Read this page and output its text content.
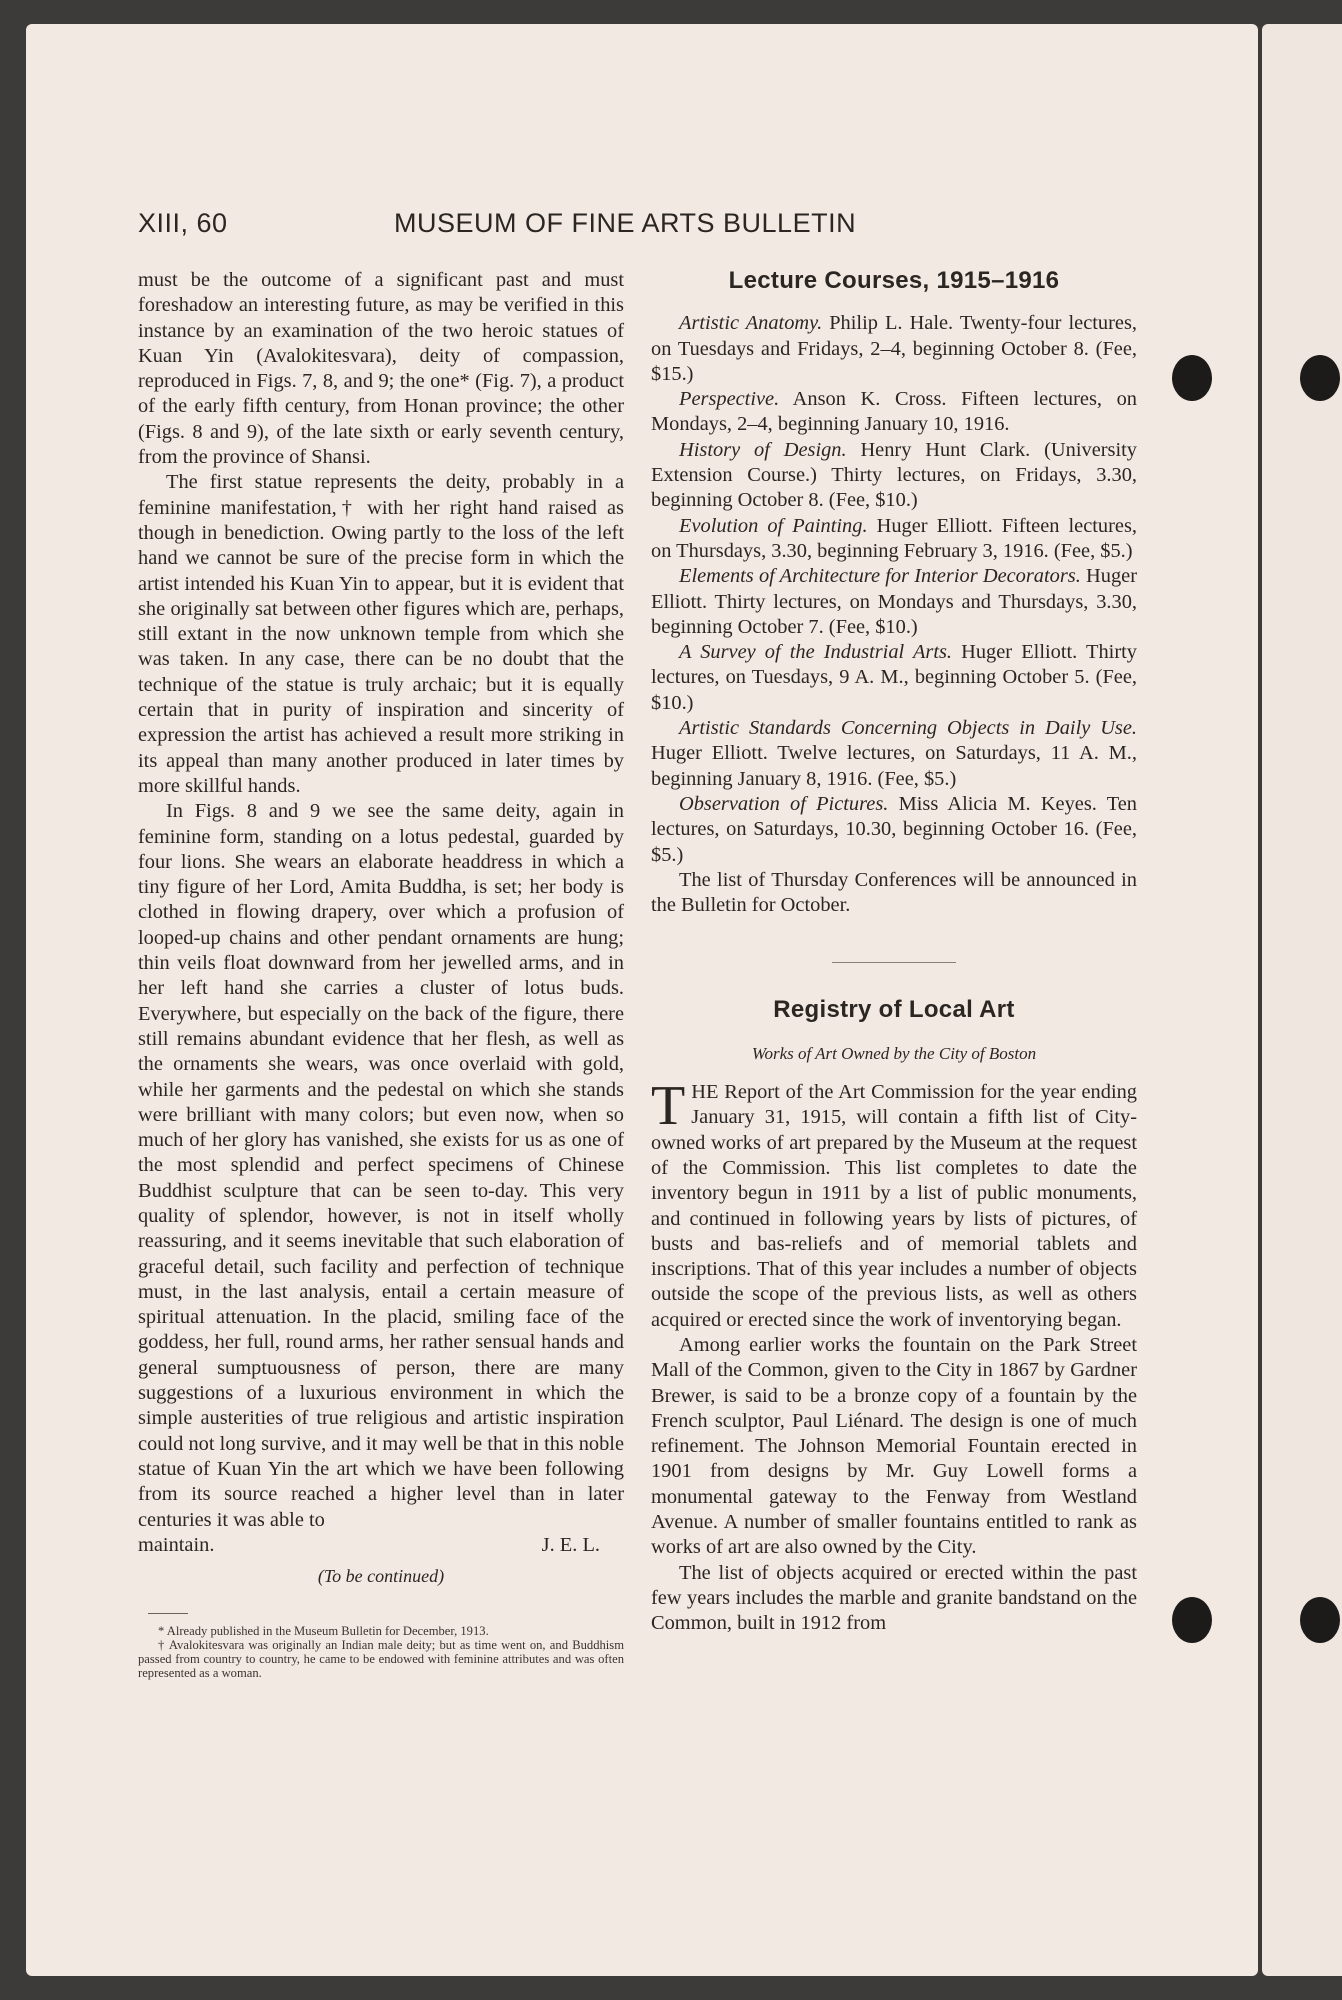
XIII, 60	MUSEUM OF FINE ARTS BULLETIN

must be the outcome of a significant past and must foreshadow an interesting future, as may be verified in this instance by an examination of the two heroic statues of Kuan Yin (Avalokitesvara), deity of compassion, reproduced in Figs. 7, 8, and 9; the one* (Fig. 7), a product of the early fifth century, from Honan province; the other (Figs. 8 and 9), of the late sixth or early seventh century, from the province of Shansi.

The first statue represents the deity, probably in a feminine manifestation,† with her right hand raised as though in benediction. Owing partly to the loss of the left hand we cannot be sure of the precise form in which the artist intended his Kuan Yin to appear, but it is evident that she originally sat between other figures which are, perhaps, still extant in the now unknown temple from which she was taken. In any case, there can be no doubt that the technique of the statue is truly archaic; but it is equally certain that in purity of inspiration and sincerity of expression the artist has achieved a result more striking in its appeal than many another produced in later times by more skillful hands.

In Figs. 8 and 9 we see the same deity, again in feminine form, standing on a lotus pedestal, guarded by four lions. She wears an elaborate headdress in which a tiny figure of her Lord, Amita Buddha, is set; her body is clothed in flowing drapery, over which a profusion of looped-up chains and other pendant ornaments are hung; thin veils float downward from her jewelled arms, and in her left hand she carries a cluster of lotus buds. Everywhere, but especially on the back of the figure, there still remains abundant evidence that her flesh, as well as the ornaments she wears, was once overlaid with gold, while her garments and the pedestal on which she stands were brilliant with many colors; but even now, when so much of her glory has vanished, she exists for us as one of the most splendid and perfect specimens of Chinese Buddhist sculpture that can be seen to-day. This very quality of splendor, however, is not in itself wholly reassuring, and it seems inevitable that such elaboration of graceful detail, such facility and perfection of technique must, in the last analysis, entail a certain measure of spiritual attenuation. In the placid, smiling face of the goddess, her full, round arms, her rather sensual hands and general sumptuousness of person, there are many suggestions of a luxurious environment in which the simple austerities of true religious and artistic inspiration could not long survive, and it may well be that in this noble statue of Kuan Yin the art which we have been following from its source reached a higher level than in later centuries it was able to

maintain.	J. E. L.
(To be continued)

* Already published in the Museum Bulletin for December, 1913.

† Avalokitesvara was originally an Indian male deity; but as time went on, and Buddhism passed from country to country, he came to be endowed with feminine attributes and was often represented as a woman.

Lecture Courses, 1915–1916

Artistic Anatomy. Philip L. Hale. Twenty-four lectures, on Tuesdays and Fridays, 2–4, beginning October 8. (Fee, $15.)

Perspective. Anson K. Cross. Fifteen lectures, on Mondays, 2–4, beginning January 10, 1916.

History of Design. Henry Hunt Clark. (University Extension Course.) Thirty lectures, on Fridays, 3.30, beginning October 8. (Fee, $10.)

Evolution of Painting. Huger Elliott. Fifteen lectures, on Thursdays, 3.30, beginning February 3, 1916. (Fee, $5.)

Elements of Architecture for Interior Decorators. Huger Elliott. Thirty lectures, on Mondays and Thursdays, 3.30, beginning October 7. (Fee, $10.)

A Survey of the Industrial Arts. Huger Elliott. Thirty lectures, on Tuesdays, 9 A. M., beginning October 5. (Fee, $10.)

Artistic Standards Concerning Objects in Daily Use. Huger Elliott. Twelve lectures, on Saturdays, 11 A. M., beginning January 8, 1916. (Fee, $5.)

Observation of Pictures. Miss Alicia M. Keyes. Ten lectures, on Saturdays, 10.30, beginning October 16. (Fee, $5.)

The list of Thursday Conferences will be announced in the Bulletin for October.

Registry of Local Art
Works of Art Owned by the City of Boston

THE Report of the Art Commission for the year ending January 31, 1915, will contain a fifth list of City-owned works of art prepared by the Museum at the request of the Commission. This list completes to date the inventory begun in 1911 by a list of public monuments, and continued in following years by lists of pictures, of busts and bas-reliefs and of memorial tablets and inscriptions. That of this year includes a number of objects outside the scope of the previous lists, as well as others acquired or erected since the work of inventorying began.

Among earlier works the fountain on the Park Street Mall of the Common, given to the City in 1867 by Gardner Brewer, is said to be a bronze copy of a fountain by the French sculptor, Paul Liénard. The design is one of much refinement. The Johnson Memorial Fountain erected in 1901 from designs by Mr. Guy Lowell forms a monumental gateway to the Fenway from Westland Avenue. A number of smaller fountains entitled to rank as works of art are also owned by the City.

The list of objects acquired or erected within the past few years includes the marble and granite bandstand on the Common, built in 1912 from
